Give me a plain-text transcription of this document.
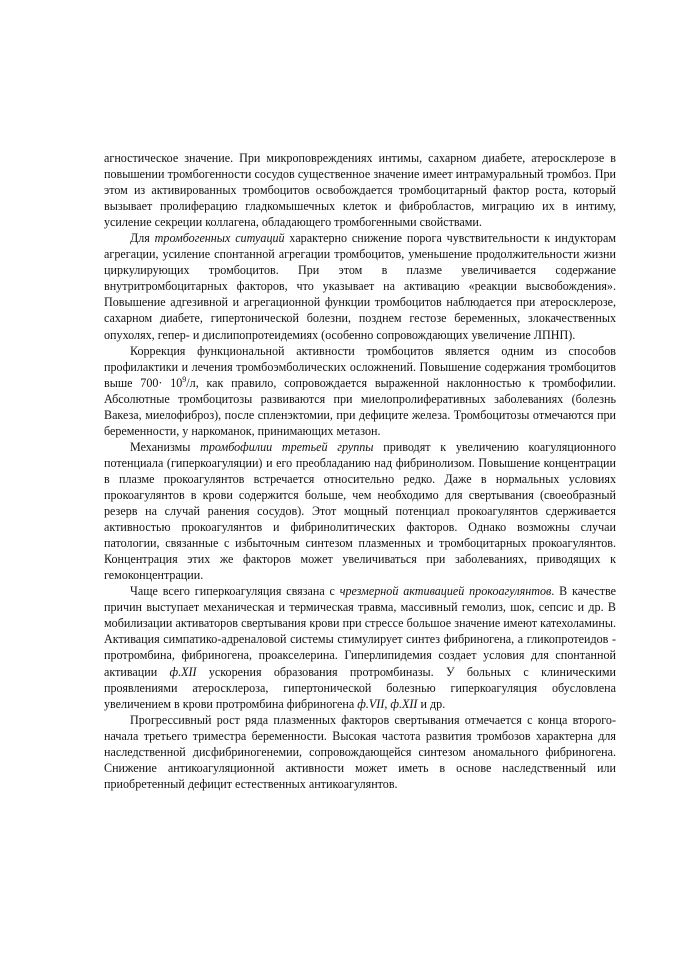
агностическое значение. При микроповреждениях интимы, сахарном диабете, атеросклерозе в повышении тромбогенности сосудов существенное значение имеет интрамуральный тромбоз. При этом из активированных тромбоцитов освобождается тромбоцитарный фактор роста, который вызывает пролиферацию гладкомышечных клеток и фибробластов, миграцию их в интиму, усиление секреции коллагена, обладающего тромбогенными свойствами.

Для тромбогенных ситуаций характерно снижение порога чувствительности к индукторам агрегации, усиление спонтанной агрегации тромбоцитов, уменьшение продолжительности жизни циркулирующих тромбоцитов. При этом в плазме увеличивается содержание внутритромбоцитарных факторов, что указывает на активацию «реакции высвобождения». Повышение адгезивной и агрегационной функции тромбоцитов наблюдается при атеросклерозе, сахарном диабете, гипертонической болезни, позднем гестозе беременных, злокачественных опухолях, гепер- и дислипопротеидемиях (особенно сопровождающих увеличение ЛПНП).

Коррекция функциональной активности тромбоцитов является одним из способов профилактики и лечения тромбоэмболических осложнений. Повышение содержания тромбоцитов выше $700\cdot 10^9/л$, как правило, сопровождается выраженной наклонностью к тромбофилии. Абсолютные тромбоцитозы развиваются при миелопролиферативных заболеваниях (болезнь Вакеза, миелофиброз), после спленэктомии, при дефиците железа. Тромбоцитозы отмечаются при беременности, у наркоманок, принимающих метазон.

Механизмы тромбофилии третьей группы приводят к увеличению коагуляционного потенциала (гиперкоагуляции) и его преобладанию над фибринолизом. Повышение концентрации в плазме прокоагулянтов встречается относительно редко. Даже в нормальных условиях прокоагулянтов в крови содержится больше, чем необходимо для свертывания (своеобразный резерв на случай ранения сосудов). Этот мощный потенциал прокоагулянтов сдерживается активностью прокоагулянтов и фибринолитических факторов. Однако возможны случаи патологии, связанные с избыточным синтезом плазменных и тромбоцитарных прокоагулянтов. Концентрация этих же факторов может увеличиваться при заболеваниях, приводящих к гемоконцентрации.

Чаще всего гиперкоагуляция связана с чрезмерной активацией прокоагулянтов. В качестве причин выступает механическая и термическая травма, массивный гемолиз, шок, сепсис и др. В мобилизации активаторов свертывания крови при стрессе большое значение имеют катехоламины. Активация симпатико-адреналовой системы стимулирует синтез фибриногена, а гликопротеидов - протромбина, фибриногена, проакселерина. Гиперлипидемия создает условия для спонтанной активации ф.XII ускорения образования протромбиназы. У больных с клиническими проявлениями атеросклероза, гипертонической болезнью гиперкоагуляция обусловлена увеличением в крови протромбина фибриногена ф.VII, ф.XII и др.

Прогрессивный рост ряда плазменных факторов свертывания отмечается с конца второго-начала третьего триместра беременности. Высокая частота развития тромбозов характерна для наследственной дисфибриногенемии, сопровождающейся синтезом аномального фибриногена. Снижение антикоагуляционной активности может иметь в основе наследственный или приобретенный дефицит естественных антикоагулянтов.
